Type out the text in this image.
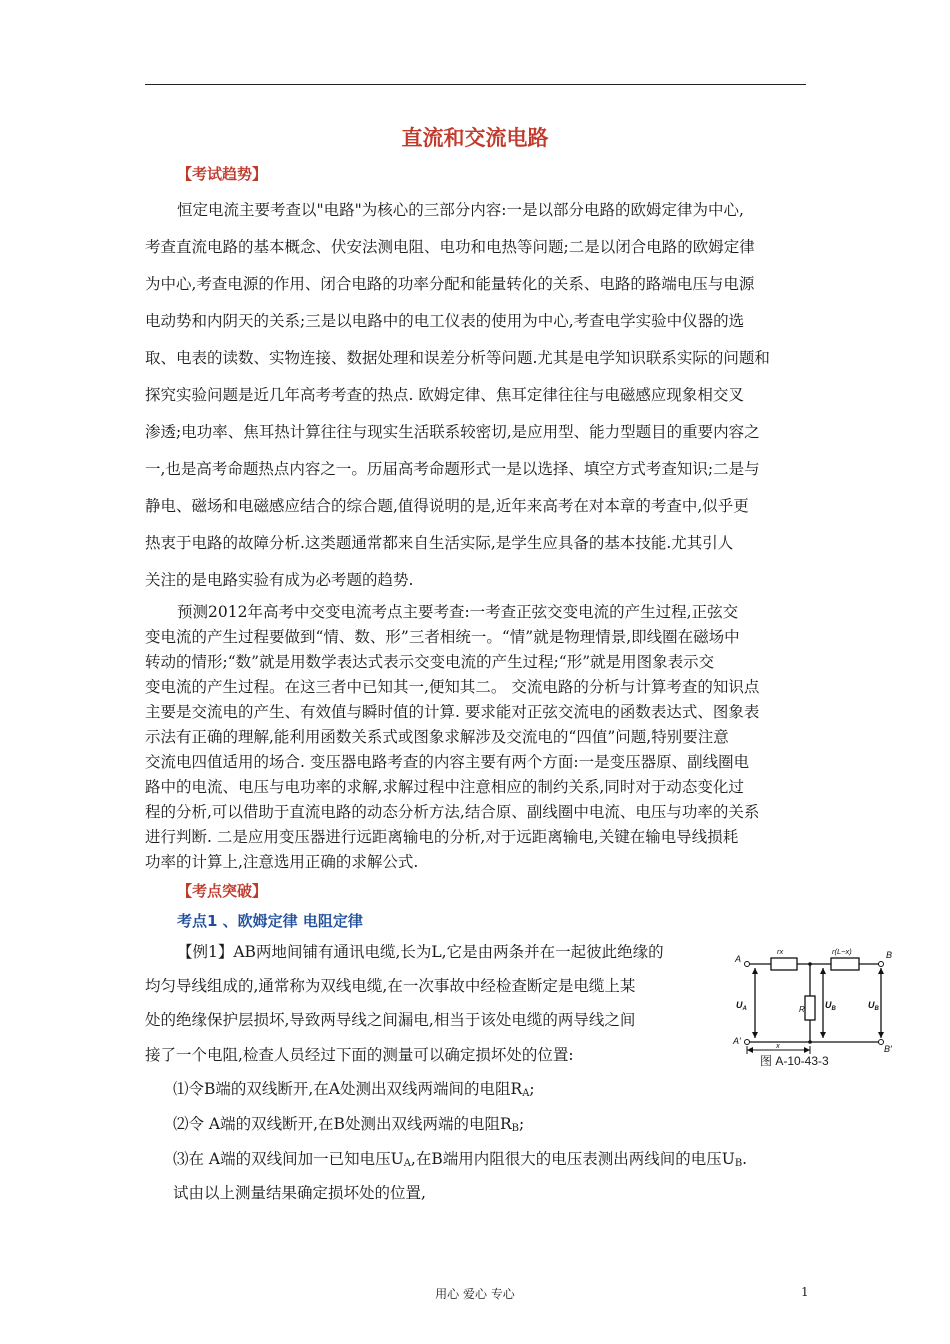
直流和交流电路
【考试趋势】
恒定电流主要考查以"电路"为核心的三部分内容:一是以部分电路的欧姆定律为中心,
考查直流电路的基本概念、伏安法测电阻、电功和电热等问题;二是以闭合电路的欧姆定律
为中心,考查电源的作用、闭合电路的功率分配和能量转化的关系、电路的路端电压与电源
电动势和内阴天的关系;三是以电路中的电工仪表的使用为中心,考查电学实验中仪器的选
取、电表的读数、实物连接、数据处理和误差分析等问题.尤其是电学知识联系实际的问题和
探究实验问题是近几年高考考查的热点. 欧姆定律、焦耳定律往往与电磁感应现象相交叉
渗透;电功率、焦耳热计算往往与现实生活联系较密切,是应用型、能力型题目的重要内容之
一,也是高考命题热点内容之一。历届高考命题形式一是以选择、填空方式考查知识;二是与
静电、磁场和电磁感应结合的综合题,值得说明的是,近年来高考在对本章的考查中,似乎更
热衷于电路的故障分析.这类题通常都来自生活实际,是学生应具备的基本技能.尤其引人
关注的是电路实验有成为必考题的趋势.
预测2012年高考中交变电流考点主要考查:一考查正弦交变电流的产生过程,正弦交
变电流的产生过程要做到“情、数、形”三者相统一。“情”就是物理情景,即线圈在磁场中
转动的情形;“数”就是用数学表达式表示交变电流的产生过程;“形”就是用图象表示交
变电流的产生过程。在这三者中已知其一,便知其二。 交流电路的分析与计算考查的知识点
主要是交流电的产生、有效值与瞬时值的计算. 要求能对正弦交流电的函数表达式、图象表
示法有正确的理解,能利用函数关系式或图象求解涉及交流电的“四值”问题,特别要注意
交流电四值适用的场合. 变压器电路考查的内容主要有两个方面:一是变压器原、副线圈电
路中的电流、电压与电功率的求解,求解过程中注意相应的制约关系,同时对于动态变化过
程的分析,可以借助于直流电路的动态分析方法,结合原、副线圈中电流、电压与功率的关系
进行判断. 二是应用变压器进行远距离输电的分析,对于远距离输电,关键在输电导线损耗
功率的计算上,注意选用正确的求解公式.
【考点突破】
考点1 、欧姆定律 电阻定律
【例1】AB两地间铺有通讯电缆,长为L,它是由两条并在一起彼此绝缘的
均匀导线组成的,通常称为双线电缆,在一次事故中经检查断定是电缆上某
处的绝缘保护层损坏,导致两导线之间漏电,相当于该处电缆的两导线之间
接了一个电阻,检查人员经过下面的测量可以确定损坏处的位置:
⑴令B端的双线断开,在A处测出双线两端间的电阻$R_A$;
⑵令 A端的双线断开,在B处测出双线两端的电阻$R_B$;
⑶在 A端的双线间加一已知电压$U_A$,在B端用内阻很大的电压表测出两线间的电压$U_B$.
试由以上测量结果确定损坏处的位置,
A	B
A′
B′
rx	r(L−x)
R
$U_A$	$U_B$	$U_B$
x
图 A-10-43-3
用心 爱心 专心	1
